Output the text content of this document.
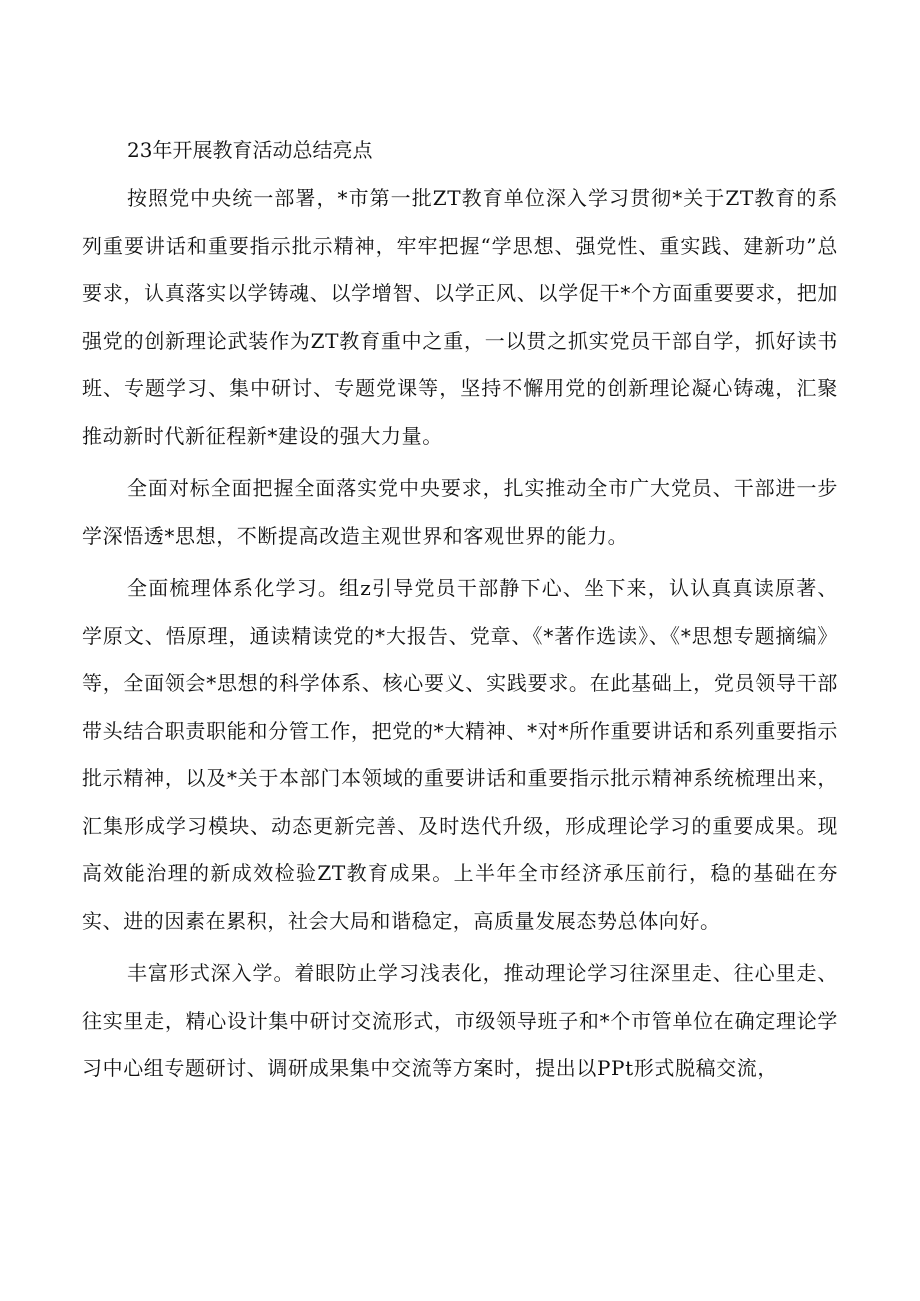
23年开展教育活动总结亮点

按照党中央统一部署，*市第一批ZT教育单位深入学习贯彻*关于ZT教育的系列重要讲话和重要指示批示精神，牢牢把握“学思想、强党性、重实践、建新功”总要求，认真落实以学铸魂、以学增智、以学正风、以学促干*个方面重要要求，把加强党的创新理论武装作为ZT教育重中之重，一以贯之抓实党员干部自学，抓好读书班、专题学习、集中研讨、专题党课等，坚持不懈用党的创新理论凝心铸魂，汇聚推动新时代新征程新*建设的强大力量。

全面对标全面把握全面落实党中央要求，扎实推动全市广大党员、干部进一步学深悟透*思想，不断提高改造主观世界和客观世界的能力。

全面梳理体系化学习。组z引导党员干部静下心、坐下来，认认真真读原著、学原文、悟原理，通读精读党的*大报告、党章、《*著作选读》、《*思想专题摘编》等，全面领会*思想的科学体系、核心要义、实践要求。在此基础上，党员领导干部带头结合职责职能和分管工作，把党的*大精神、*对*所作重要讲话和系列重要指示批示精神，以及*关于本部门本领域的重要讲话和重要指示批示精神系统梳理出来，汇集形成学习模块、动态更新完善、及时迭代升级，形成理论学习的重要成果。现高效能治理的新成效检验ZT教育成果。上半年全市经济承压前行，稳的基础在夯实、进的因素在累积，社会大局和谐稳定，高质量发展态势总体向好。

丰富形式深入学。着眼防止学习浅表化，推动理论学习往深里走、往心里走、往实里走，精心设计集中研讨交流形式，市级领导班子和*个市管单位在确定理论学习中心组专题研讨、调研成果集中交流等方案时，提出以PPt形式脱稿交流，
